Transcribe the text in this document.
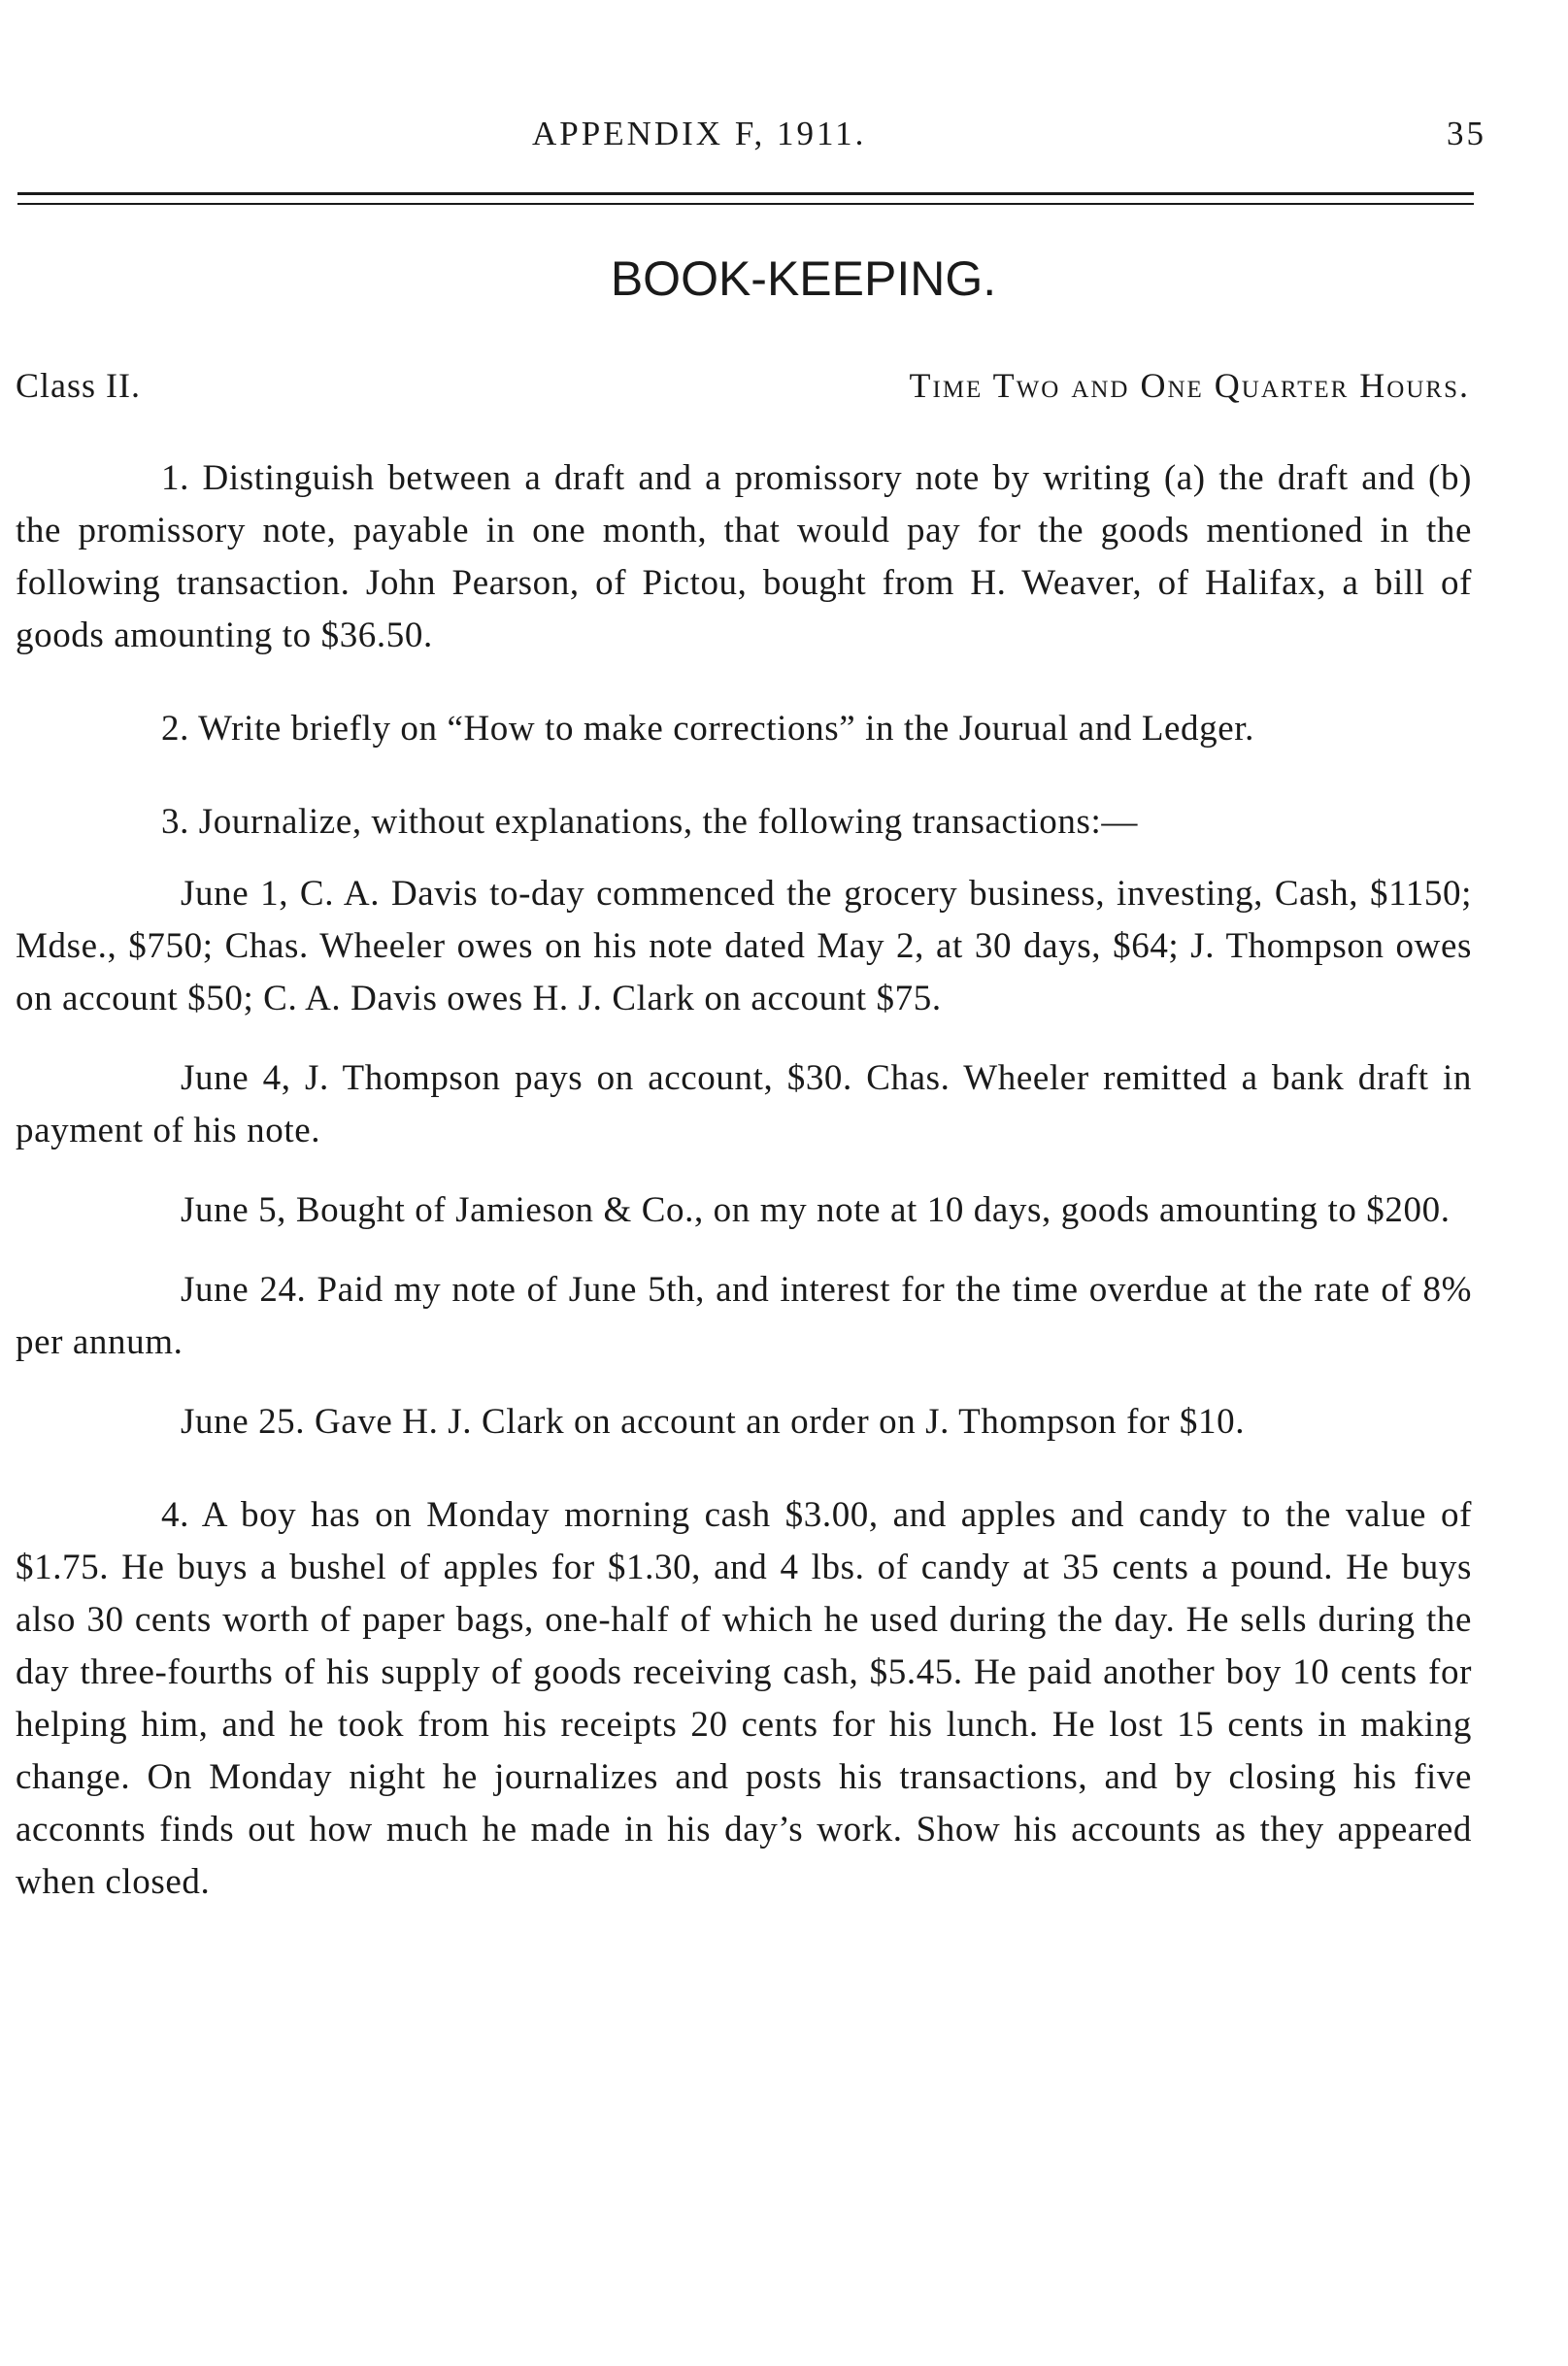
APPENDIX F, 1911.	35
BOOK-KEEPING.
Class II.	Time Two and One Quarter Hours.

1. Distinguish between a draft and a promissory note by writing (a) the draft and (b) the promissory note, payable in one month, that would pay for the goods mentioned in the following transaction. John Pearson, of Pictou, bought from H. Weaver, of Halifax, a bill of goods amounting to $36.50.

2. Write briefly on “How to make corrections” in the Jourual and Ledger.

3. Journalize, without explanations, the following transactions:—

June 1, C. A. Davis to-day commenced the grocery business, investing, Cash, $1150; Mdse., $750; Chas. Wheeler owes on his note dated May 2, at 30 days, $64; J. Thompson owes on account $50; C. A. Davis owes H. J. Clark on account $75.

June 4, J. Thompson pays on account, $30. Chas. Wheeler remitted a bank draft in payment of his note.

June 5, Bought of Jamieson & Co., on my note at 10 days, goods amounting to $200.

June 24. Paid my note of June 5th, and interest for the time overdue at the rate of 8% per annum.

June 25. Gave H. J. Clark on account an order on J. Thompson for $10.

4. A boy has on Monday morning cash $3.00, and apples and candy to the value of $1.75. He buys a bushel of apples for $1.30, and 4 lbs. of candy at 35 cents a pound. He buys also 30 cents worth of paper bags, one-half of which he used during the day. He sells during the day three-fourths of his supply of goods receiving cash, $5.45. He paid another boy 10 cents for helping him, and he took from his receipts 20 cents for his lunch. He lost 15 cents in making change. On Monday night he journalizes and posts his transactions, and by closing his five acconnts finds out how much he made in his day’s work. Show his accounts as they appeared when closed.
